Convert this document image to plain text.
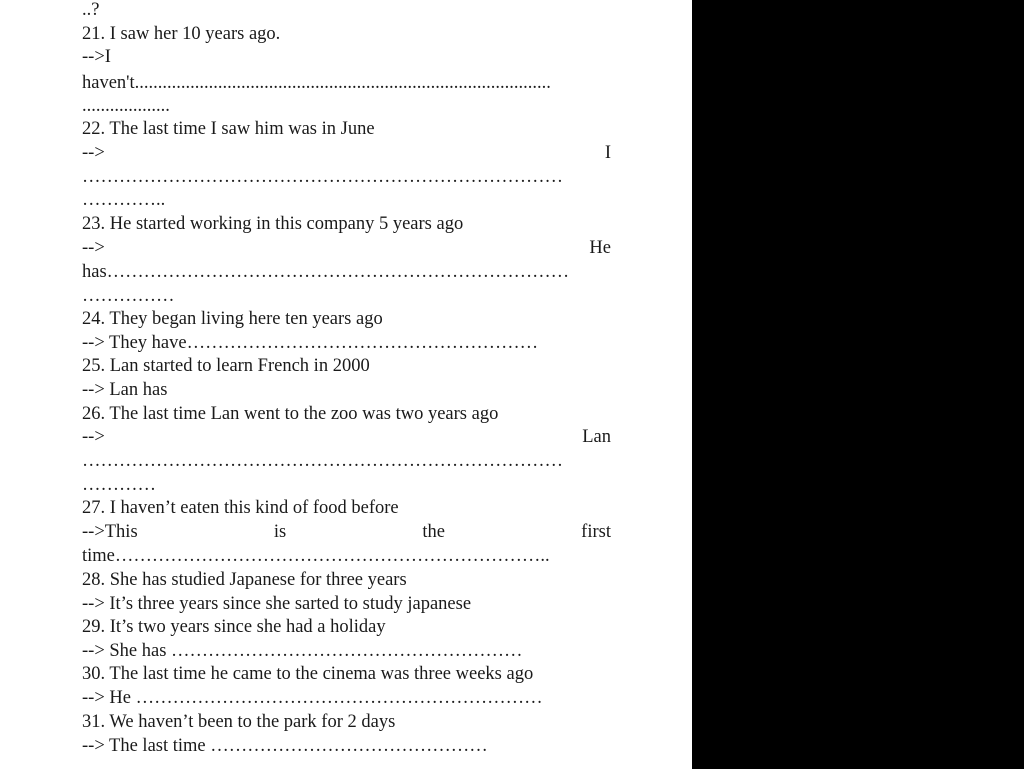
..?
21. I saw her 10 years ago.
-->I
haven't..........................................................................................
...................
22. The last time I saw him was in June
-->	I
……………………………………………………………………
…………..
23. He started working in this company 5 years ago
-->	He
has…………………………………………………………………
……………
24. They began living here ten years ago
--> They have…………………………………………………
25. Lan started to learn French in 2000
--> Lan has
26. The last time Lan went to the zoo was two years ago
-->	Lan
……………………………………………………………………
…………
27. I haven’t eaten this kind of food before
-->This	is	the	first
time……………………………………………………………..
28. She has studied Japanese for three years
--> It’s three years since she sarted to study japanese
29. It’s two years since she had a holiday
--> She has …………………………………………………
30. The last time he came to the cinema was three weeks ago
--> He …………………………………………………………
31. We haven’t been to the park for 2 days
--> The last time ………………………………………
